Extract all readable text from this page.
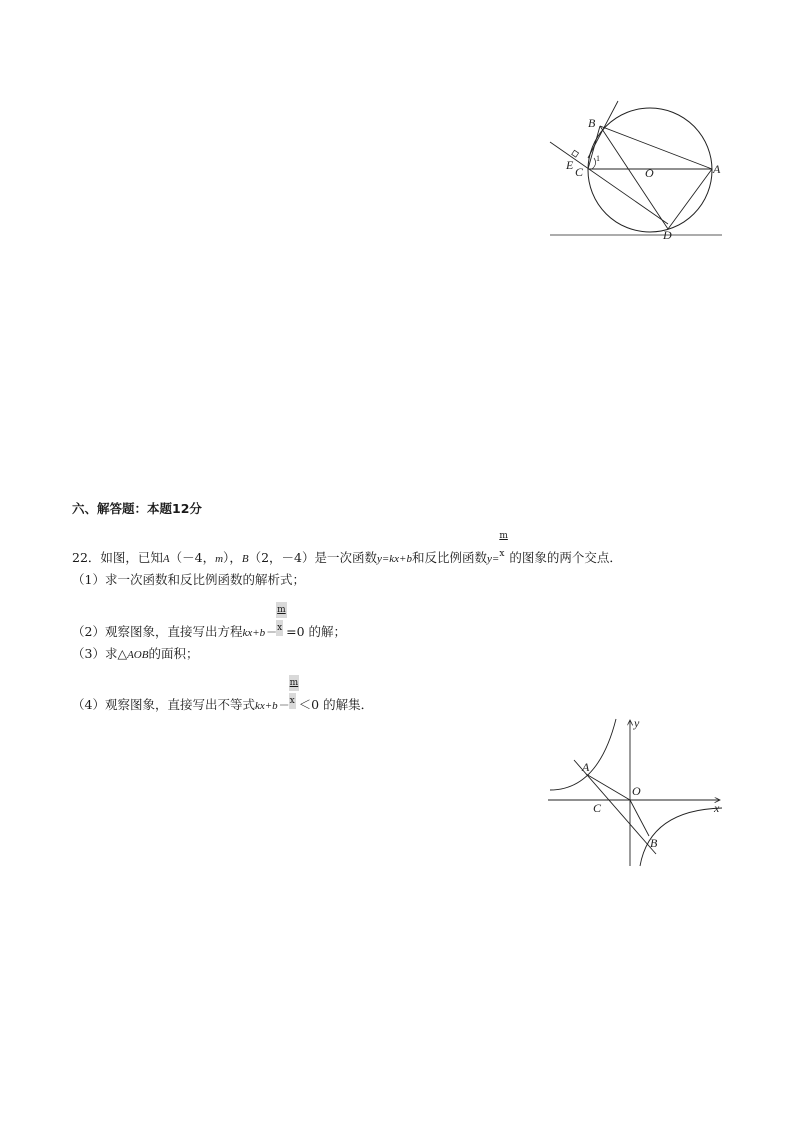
B
E C
1
O	A
D
六、解答题：本题12分
22．如图，已知A（－4，m），B（2，－4）是一次函数y=kx+b和反比例函数$y= \frac{m}{x}$ 的图象的两个交点．
（1）求一次函数和反比例函数的解析式；
（2）观察图象，直接写出方程$kx+b- \frac{m}{x} =0$ 的解；
（3）求△AOB的面积；
（4）观察图象，直接写出不等式$kx+b- \frac{m}{x} <0$ 的解集．
y
x
A
O
C
B
